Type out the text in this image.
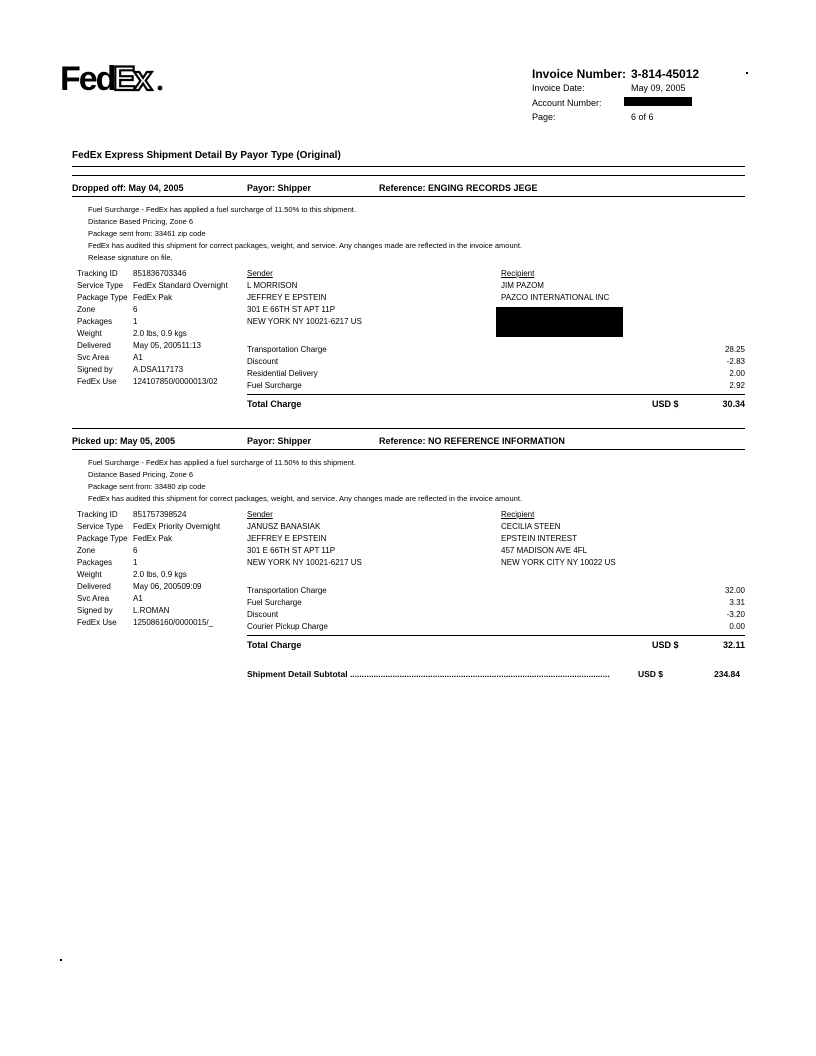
Fed
Ex	Invoice Number: 3-814-45012
Invoice Date:	May 09, 2005
Account Number:
Page:	6 of 6
FedEx Express Shipment Detail By Payor Type (Original)
Dropped off: May 04, 2005	Payor: Shipper	Reference: ENGING RECORDS JEGE
Fuel Surcharge - FedEx has applied a fuel surcharge of 11.50% to this shipment.
Distance Based Pricing, Zone 6
Package sent from: 33461 zip code
FedEx has audited this shipment for correct packages, weight, and service. Any changes made are reflected in the invoice amount.
Release signature on file.
Tracking ID 851836703346
Service Type FedEx Standard Overnight
Package Type FedEx Pak
Zone	6
Packages	1
Weight	2.0 lbs, 0.9 kgs
Delivered	May 05, 200511:13
Svc Area	A1
Signed by	A.DSA117173
FedEx Use 124107850/0000013/02
Sender
L MORRISON
JEFFREY E EPSTEIN
301 E 66TH ST APT 11P
NEW YORK NY 10021-6217 US
Recipient
JIM PAZOM
PAZCO INTERNATIONAL INC
Transportation Charge	28.25
Discount	-2.83
Residential Delivery	2.00
Fuel Surcharge	2.92
Total Charge	USD $	30.34
Picked up: May 05, 2005	Payor: Shipper	Reference: NO REFERENCE INFORMATION
Fuel Surcharge - FedEx has applied a fuel surcharge of 11.50% to this shipment.
Distance Based Pricing, Zone 6
Package sent from: 33480 zip code
FedEx has audited this shipment for correct packages, weight, and service. Any changes made are reflected in the invoice amount.
Tracking ID 851757398524
Service Type FedEx Priority Overnight
Package Type FedEx Pak
Zone	6
Packages	1
Weight	2.0 lbs, 0.9 kgs
Delivered	May 06, 200509:09
Svc Area	A1
Signed by	L.ROMAN
FedEx Use 125086160/0000015/_
Sender
JANUSZ BANASIAK
JEFFREY E EPSTEIN
301 E 66TH ST APT 11P
NEW YORK NY 10021-6217 US
Recipient
CECILIA STEEN
EPSTEIN INTEREST
457 MADISON AVE 4FL
NEW YORK CITY NY 10022 US
Transportation Charge	32.00
Fuel Surcharge	3.31
Discount	-3.20
Courier Pickup Charge	0.00
Total Charge	USD $	32.11
Shipment Detail Subtotal ..............................................................................................................	USD $	234.84
